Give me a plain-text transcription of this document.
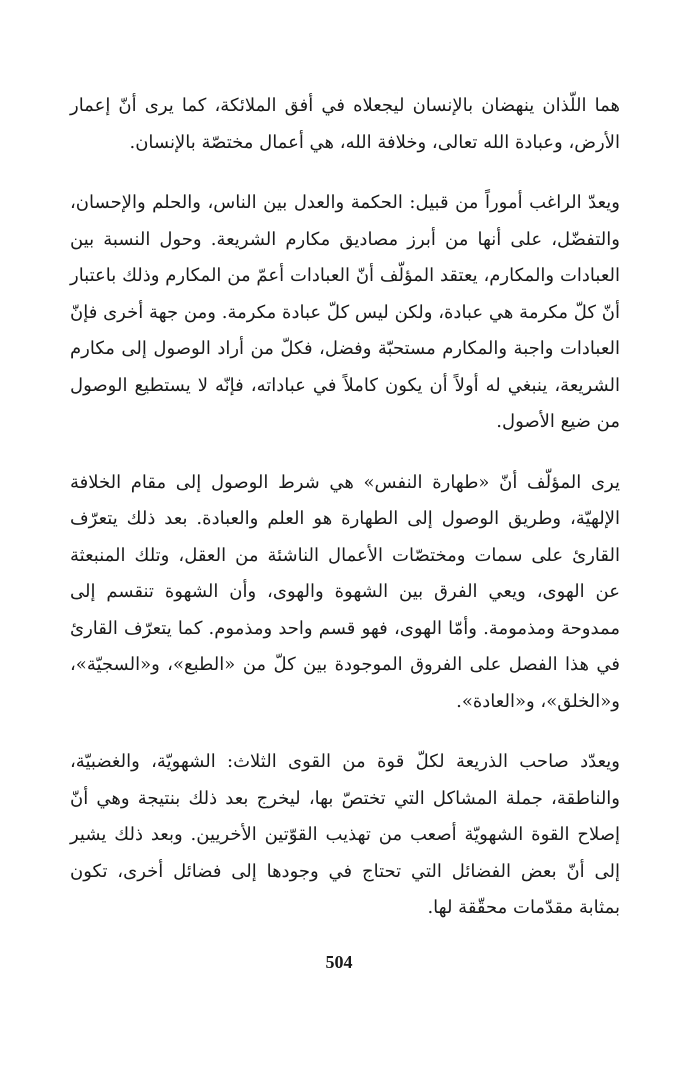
هما اللّذان ينهضان بالإنسان ليجعلاه في أفق الملائكة، كما يرى أنّ إعمار الأرض، وعبادة الله تعالى، وخلافة الله، هي أعمال مختصّة بالإنسان.

ويعدّ الراغب أموراً من قبيل: الحكمة والعدل بين الناس، والحلم والإحسان، والتفضّل، على أنها من أبرز مصاديق مكارم الشريعة. وحول النسبة بين العبادات والمكارم، يعتقد المؤلّف أنّ العبادات أعمّ من المكارم وذلك باعتبار أنّ كلّ مكرمة هي عبادة، ولكن ليس كلّ عبادة مكرمة. ومن جهة أخرى فإنّ العبادات واجبة والمكارم مستحبّة وفضل، فكلّ من أراد الوصول إلى مكارم الشريعة، ينبغي له أولاً أن يكون كاملاً في عباداته، فإنّه لا يستطيع الوصول من ضيع الأصول.

يرى المؤلّف أنّ «طهارة النفس» هي شرط الوصول إلى مقام الخلافة الإلهيّة، وطريق الوصول إلى الطهارة هو العلم والعبادة. بعد ذلك يتعرّف القارئ على سمات ومختصّات الأعمال الناشئة من العقل، وتلك المنبعثة عن الهوى، ويعي الفرق بين الشهوة والهوى، وأن الشهوة تنقسم إلى ممدوحة ومذمومة. وأمّا الهوى، فهو قسم واحد ومذموم. كما يتعرّف القارئ في هذا الفصل على الفروق الموجودة بين كلّ من «الطبع»، و«السجيّة»، و«الخلق»، و«العادة».

ويعدّد صاحب الذريعة لكلّ قوة من القوى الثلاث: الشهويّة، والغضبيّة، والناطقة، جملة المشاكل التي تختصّ بها، ليخرج بعد ذلك بنتيجة وهي أنّ إصلاح القوة الشهويّة أصعب من تهذيب القوّتين الأخريين. وبعد ذلك يشير إلى أنّ بعض الفضائل التي تحتاج في وجودها إلى فضائل أخرى، تكون بمثابة مقدّمات محقّقة لها.

504
